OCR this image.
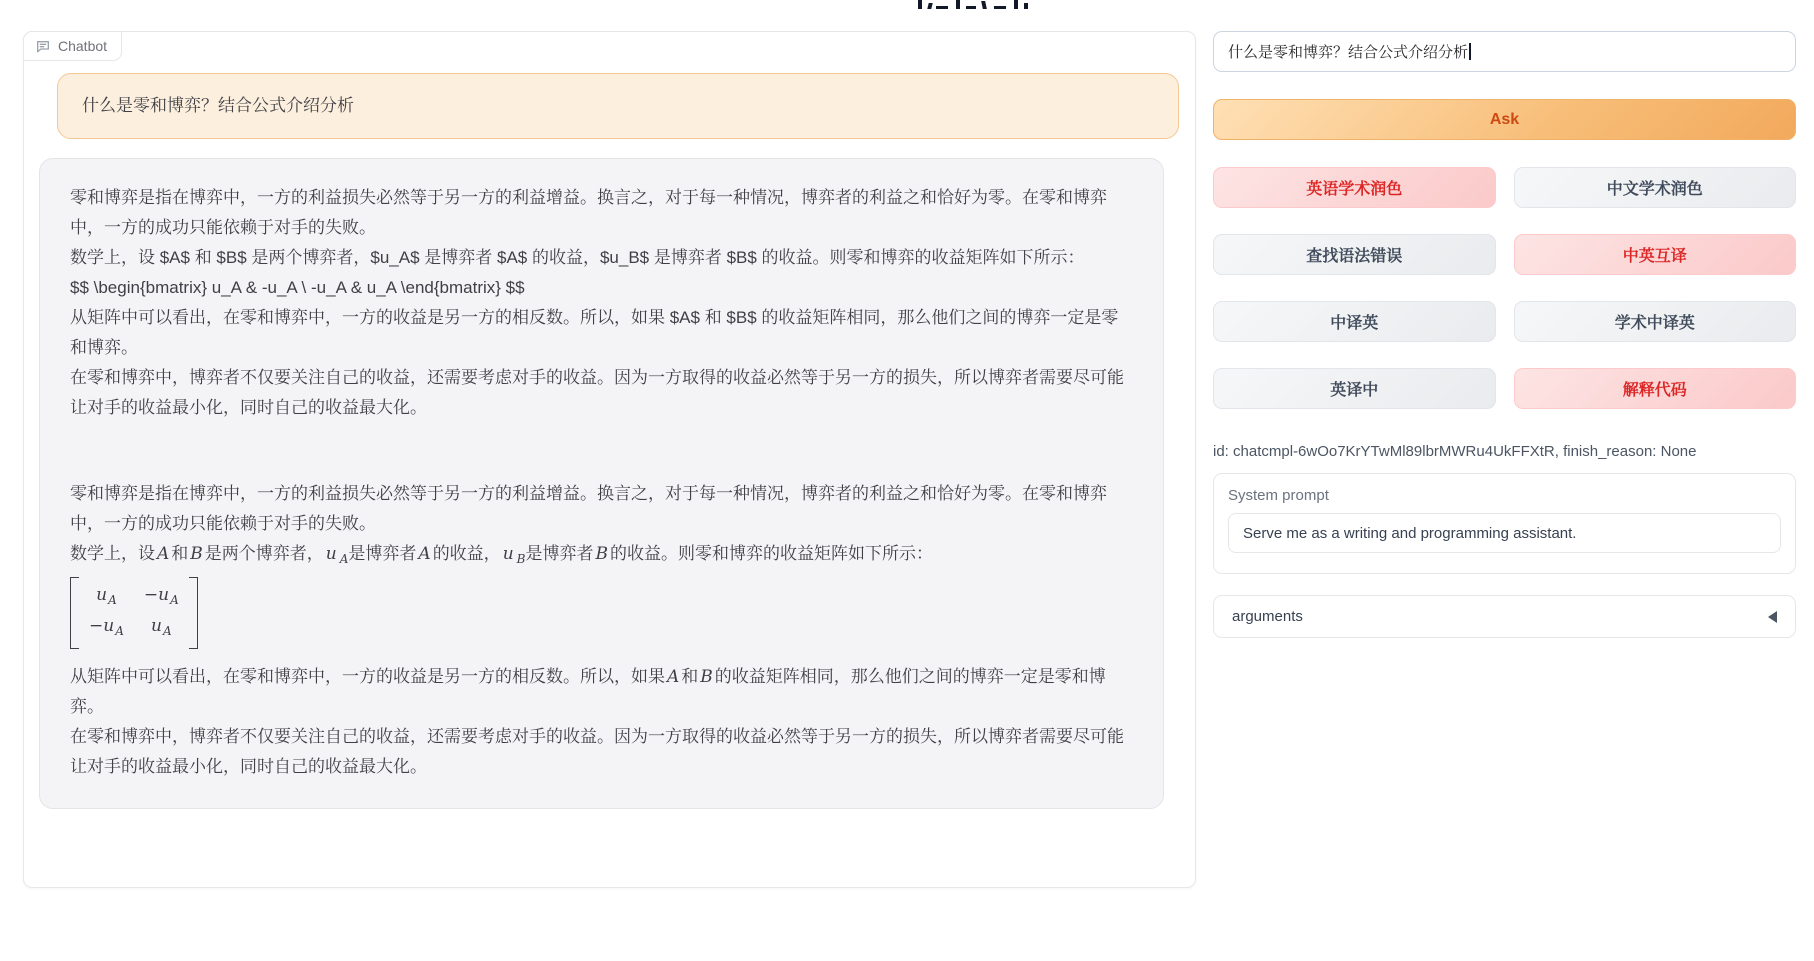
Chatbot
什么是零和博弈？结合公式介绍分析

零和博弈是指在博弈中，一方的利益损失必然等于另一方的利益增益。换言之，对于每一种情况，博弈者的利益之和恰好为零。在零和博弈中，一方的成功只能依赖于对手的失败。

数学上，设 $A$ 和 $B$ 是两个博弈者，$u_A$ 是博弈者 $A$ 的收益，$u_B$ 是博弈者 $B$ 的收益。则零和博弈的收益矩阵如下所示：

$$ \begin{bmatrix} u_A & -u_A \ -u_A & u_A \end{bmatrix} $$

从矩阵中可以看出，在零和博弈中，一方的收益是另一方的相反数。所以，如果 $A$ 和 $B$ 的收益矩阵相同，那么他们之间的博弈一定是零和博弈。

在零和博弈中，博弈者不仅要关注自己的收益，还需要考虑对手的收益。因为一方取得的收益必然等于另一方的损失，所以博弈者需要尽可能让对手的收益最小化，同时自己的收益最大化。

零和博弈是指在博弈中，一方的利益损失必然等于另一方的利益增益。换言之，对于每一种情况，博弈者的利益之和恰好为零。在零和博弈中，一方的成功只能依赖于对手的失败。

数学上，设 A 和 B 是两个博弈者， u $_A$是博弈者 A 的收益， u $_B$是博弈者 B 的收益。则零和博弈的收益矩阵如下所示：

$u_A$	$-u_A$
$-u_A$	$u_A$

从矩阵中可以看出，在零和博弈中，一方的收益是另一方的相反数。所以，如果 A 和 B 的收益矩阵相同，那么他们之间的博弈一定是零和博弈。

在零和博弈中，博弈者不仅要关注自己的收益，还需要考虑对手的收益。因为一方取得的收益必然等于另一方的损失，所以博弈者需要尽可能让对手的收益最小化，同时自己的收益最大化。

什么是零和博弈？结合公式介绍分析
Ask
英语学术润色	中文学术润色
查找语法错误	中英互译
中译英	学术中译英
英译中	解释代码
id: chatcmpl-6wOo7KrYTwMl89lbrMWRu4UkFFXtR, finish_reason: None
System prompt
Serve me as a writing and programming assistant.
arguments
